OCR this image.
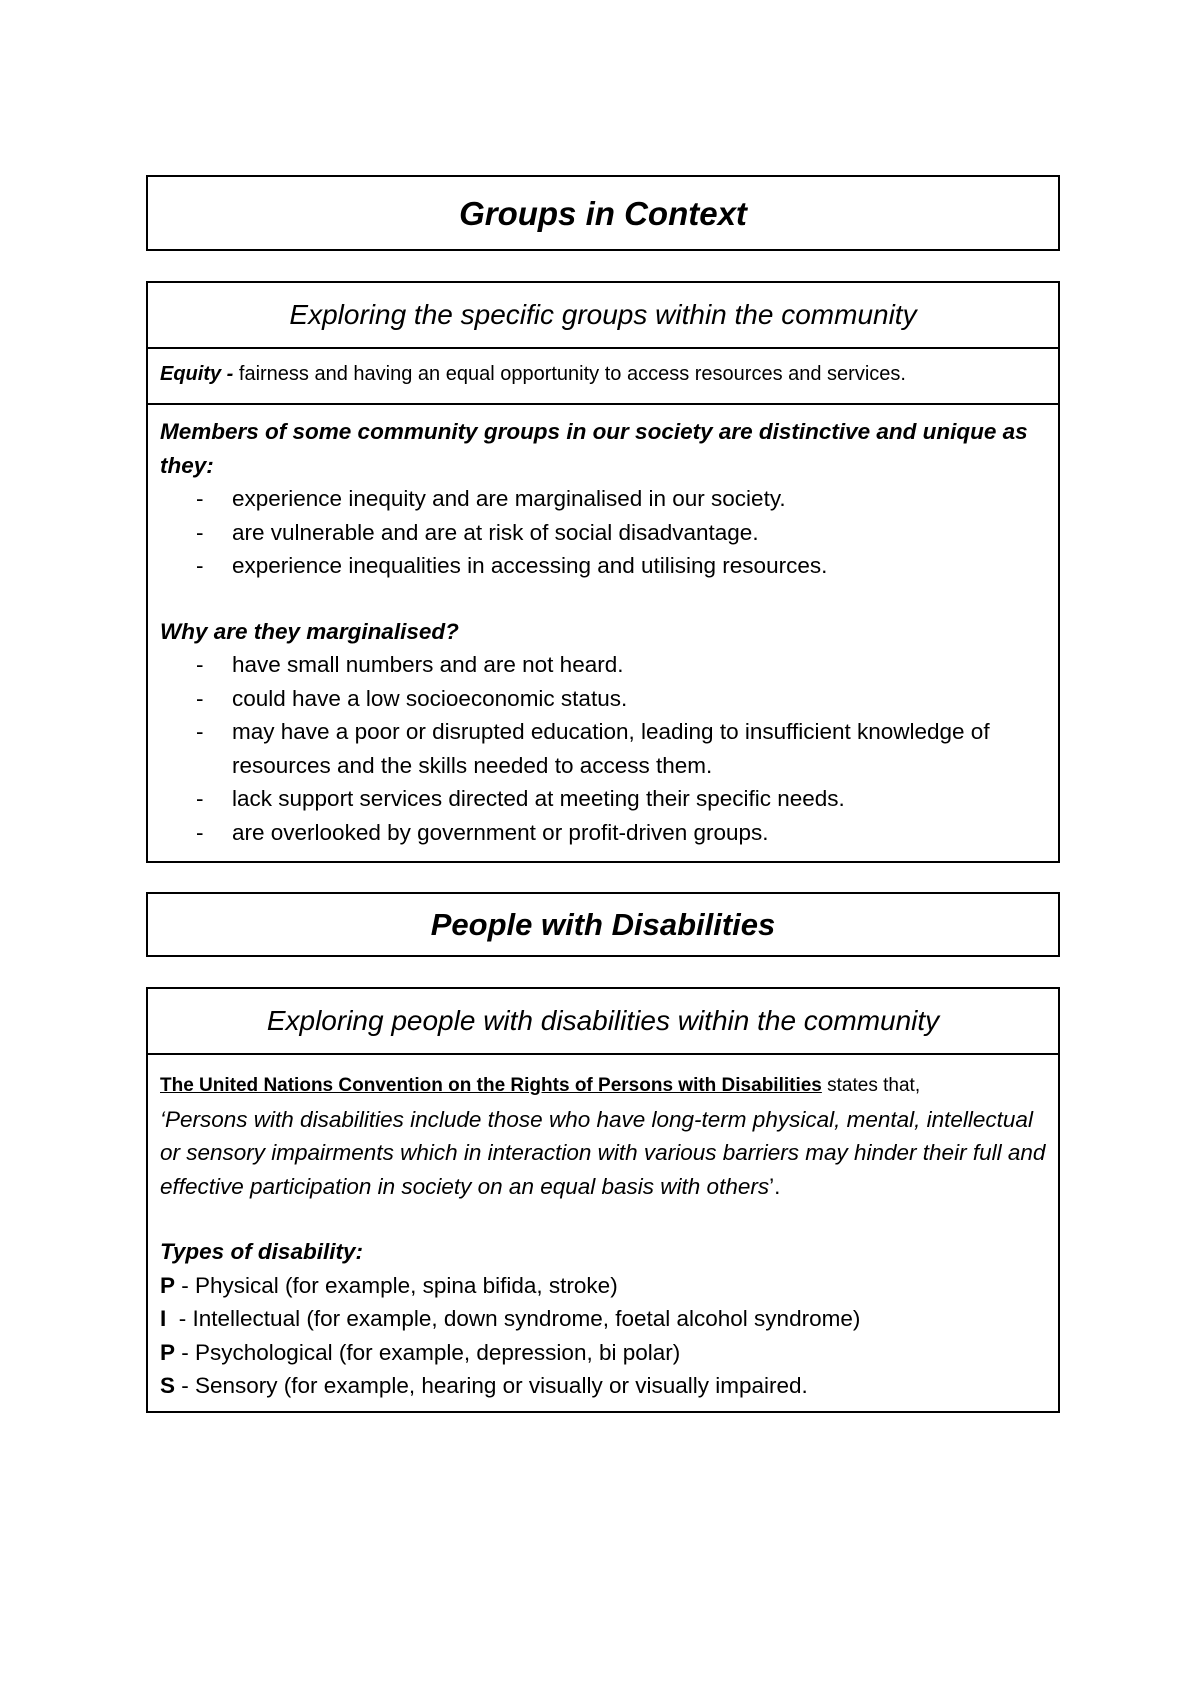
Groups in Context
Exploring the specific groups within the community
Equity - fairness and having an equal opportunity to access resources and services.
Members of some community groups in our society are distinctive and unique as they:
- experience inequity and are marginalised in our society.
- are vulnerable and are at risk of social disadvantage.
- experience inequalities in accessing and utilising resources.
Why are they marginalised?
- have small numbers and are not heard.
- could have a low socioeconomic status.
- may have a poor or disrupted education, leading to insufficient knowledge of resources and the skills needed to access them.
- lack support services directed at meeting their specific needs.
- are overlooked by government or profit-driven groups.
People with Disabilities
Exploring people with disabilities within the community
The United Nations Convention on the Rights of Persons with Disabilities states that,
‘Persons with disabilities include those who have long-term physical, mental, intellectual or sensory impairments which in interaction with various barriers may hinder their full and effective participation in society on an equal basis with others’.
Types of disability:
P - Physical (for example, spina bifida, stroke)
I  - Intellectual (for example, down syndrome, foetal alcohol syndrome)
P - Psychological (for example, depression, bi polar)
S - Sensory (for example, hearing or visually or visually impaired.
